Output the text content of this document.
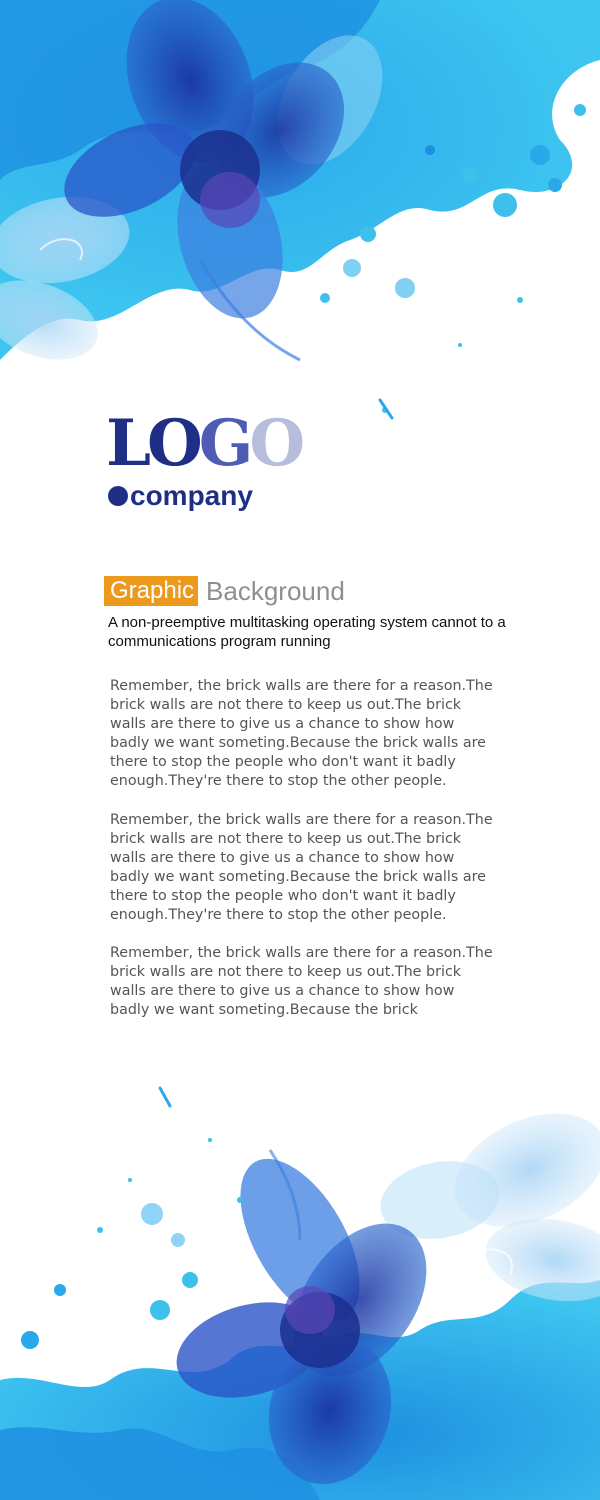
LOGO
company
Graphic Background
A non-preemptive multitasking operating system cannot to a communications program running

Remember, the brick walls are there for a reason.The brick walls are not there to keep us out.The brick walls are there to give us a chance to show how badly we want someting.Because the brick walls are there to stop the people who don't want it badly enough.They're there to stop the other people.

Remember, the brick walls are there for a reason.The brick walls are not there to keep us out.The brick walls are there to give us a chance to show how badly we want someting.Because the brick walls are there to stop the people who don't want it badly enough.They're there to stop the other people.

Remember, the brick walls are there for a reason.The brick walls are not there to keep us out.The brick walls are there to give us a chance to show how badly we want someting.Because the brick
